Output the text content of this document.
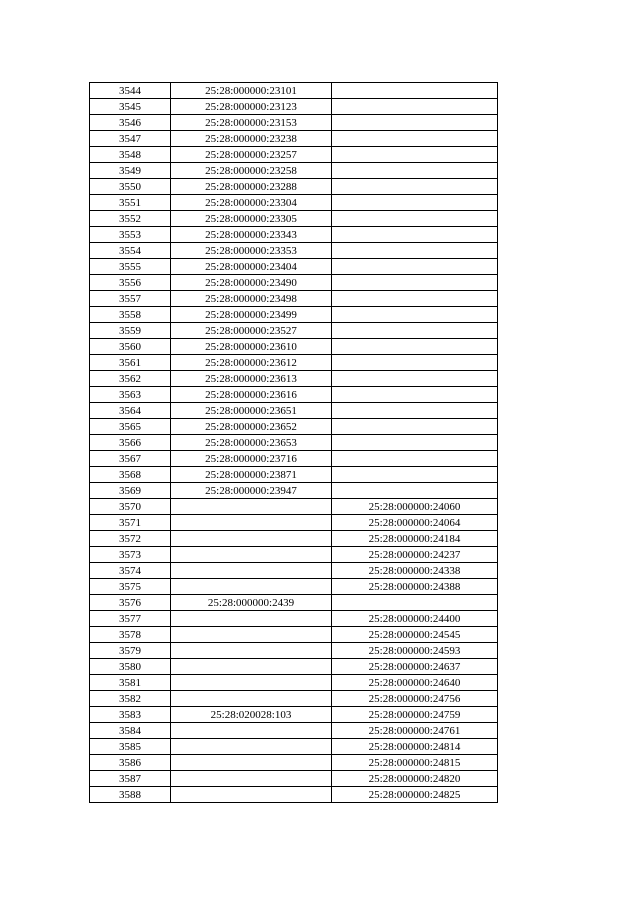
3544	25:28:000000:23101	
3545	25:28:000000:23123	
3546	25:28:000000:23153	
3547	25:28:000000:23238	
3548	25:28:000000:23257	
3549	25:28:000000:23258	
3550	25:28:000000:23288	
3551	25:28:000000:23304	
3552	25:28:000000:23305	
3553	25:28:000000:23343	
3554	25:28:000000:23353	
3555	25:28:000000:23404	
3556	25:28:000000:23490	
3557	25:28:000000:23498	
3558	25:28:000000:23499	
3559	25:28:000000:23527	
3560	25:28:000000:23610	
3561	25:28:000000:23612	
3562	25:28:000000:23613	
3563	25:28:000000:23616	
3564	25:28:000000:23651	
3565	25:28:000000:23652	
3566	25:28:000000:23653	
3567	25:28:000000:23716	
3568	25:28:000000:23871	
3569	25:28:000000:23947	
3570		25:28:000000:24060
3571		25:28:000000:24064
3572		25:28:000000:24184
3573		25:28:000000:24237
3574		25:28:000000:24338
3575		25:28:000000:24388
3576	25:28:000000:2439	
3577		25:28:000000:24400
3578		25:28:000000:24545
3579		25:28:000000:24593
3580		25:28:000000:24637
3581		25:28:000000:24640
3582		25:28:000000:24756
3583	25:28:020028:103	25:28:000000:24759
3584		25:28:000000:24761
3585		25:28:000000:24814
3586		25:28:000000:24815
3587		25:28:000000:24820
3588		25:28:000000:24825
